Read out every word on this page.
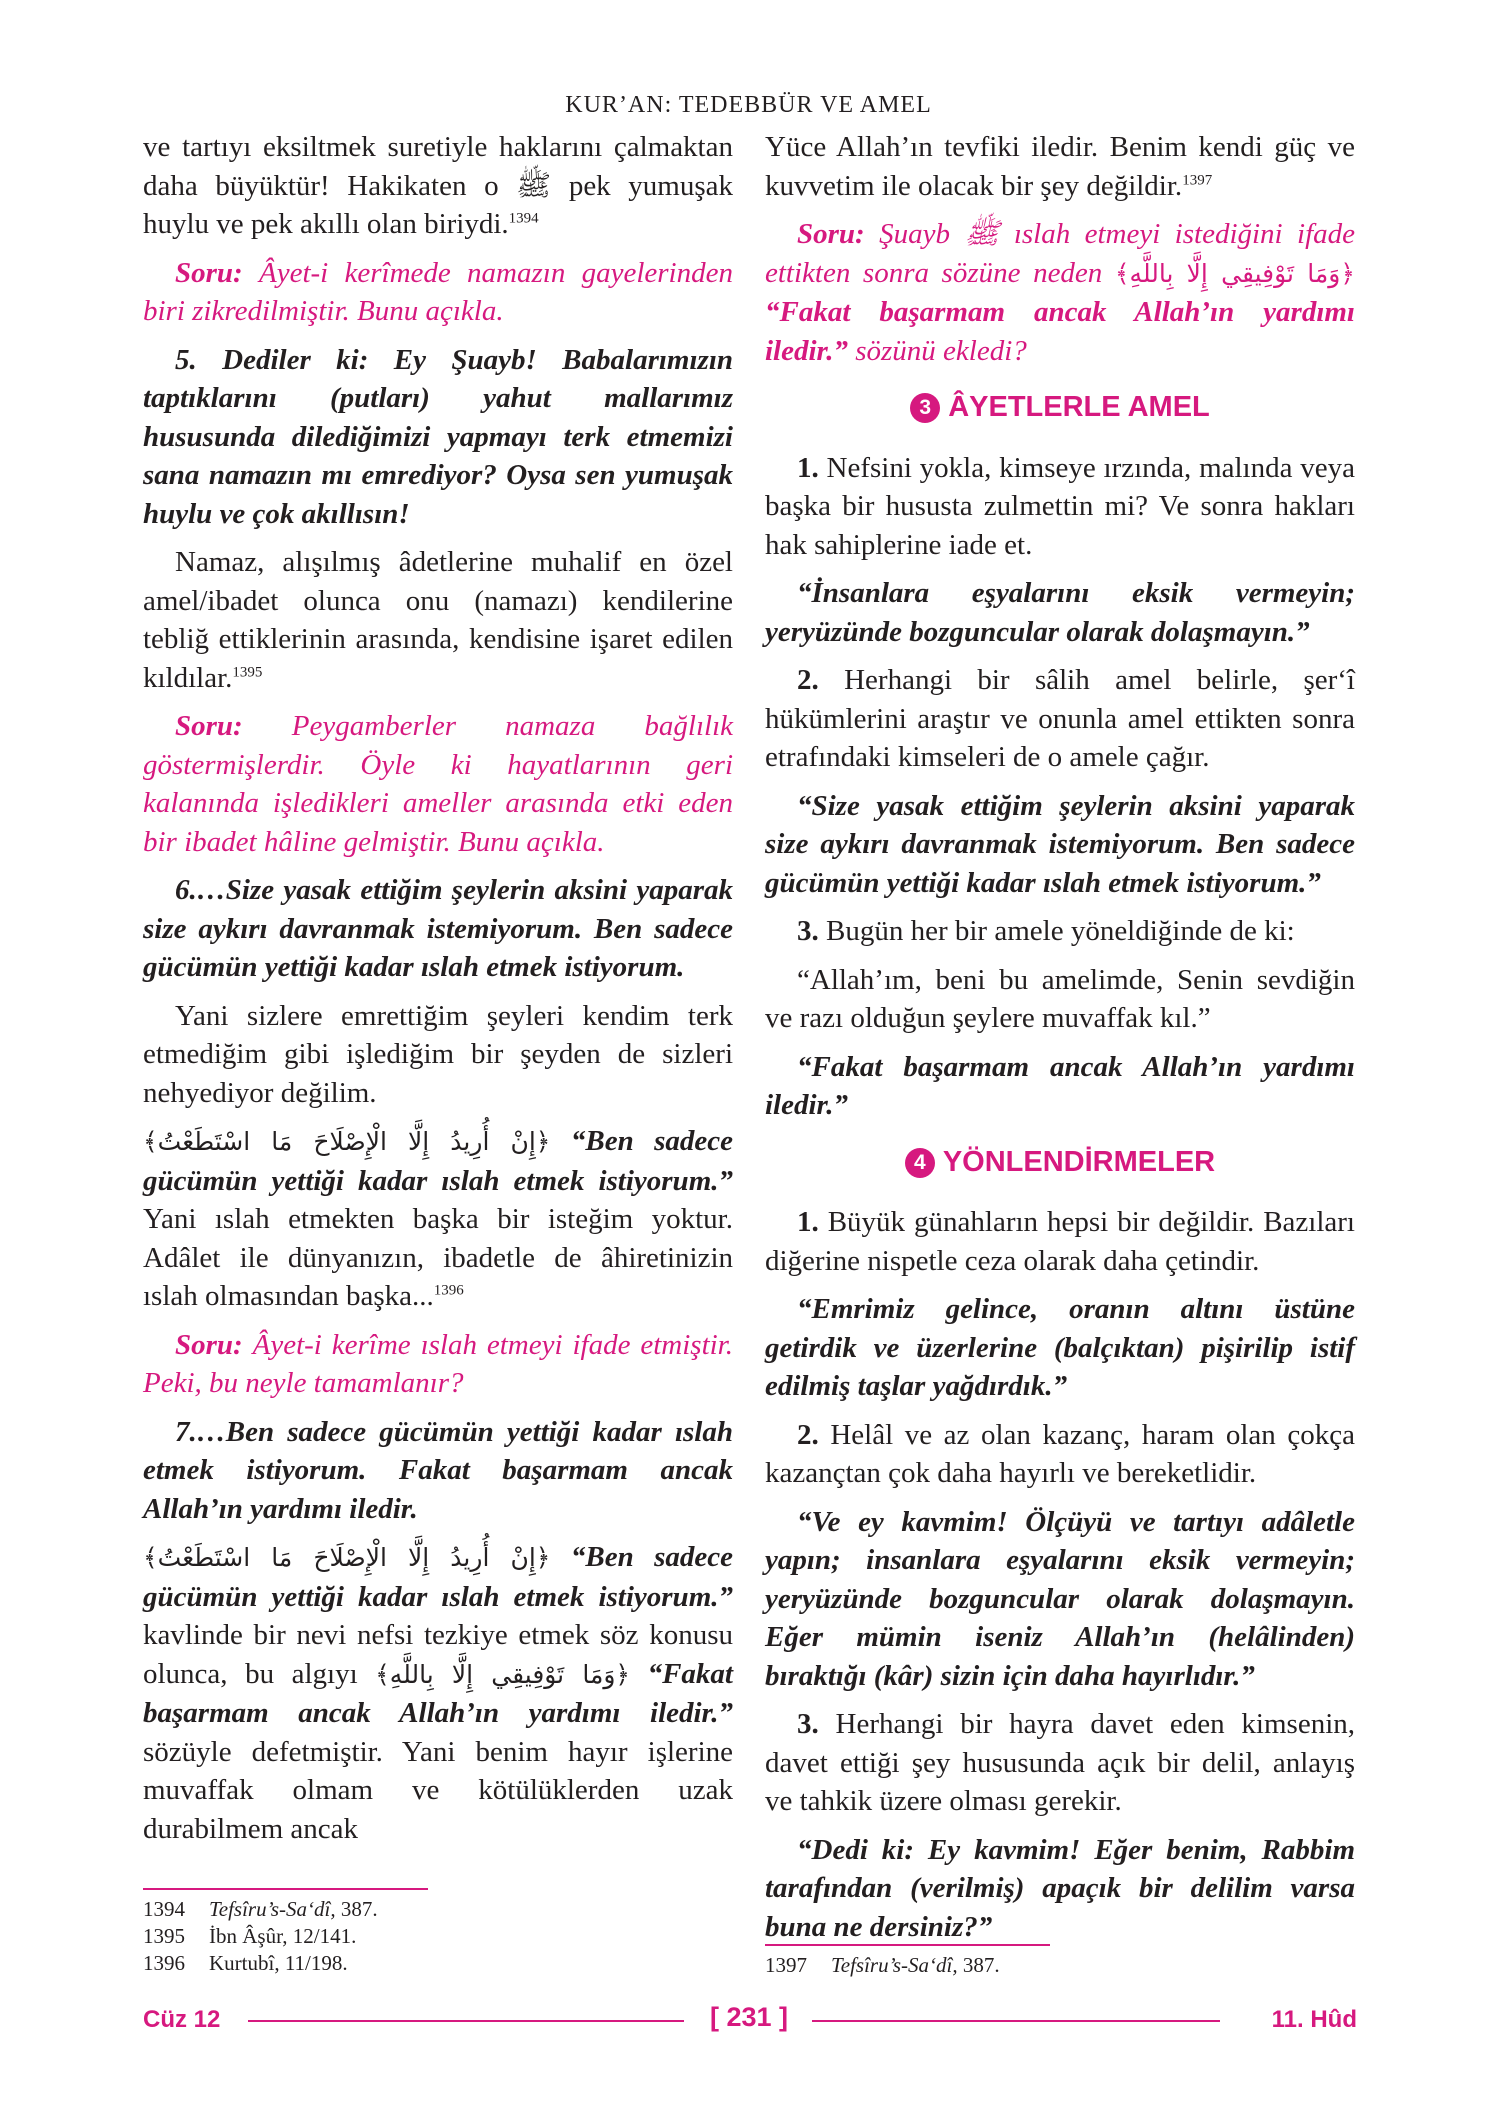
KUR’AN: TEDEBBÜR VE AMEL

ve tartıyı eksiltmek suretiyle haklarını çalmaktan daha büyüktür! Hakikaten o ﷺ pek yumuşak huylu ve pek akıllı olan biriydi.$^{1394}$

Soru: Âyet-i kerîmede namazın gayelerinden biri zikredilmiştir. Bunu açıkla.

5. Dediler ki: Ey Şuayb! Babalarımızın taptıklarını (putları) yahut mallarımız hususunda dilediğimizi yapmayı terk etmemizi sana namazın mı emrediyor? Oysa sen yumuşak huylu ve çok akıllısın!

Namaz, alışılmış âdetlerine muhalif en özel amel/ibadet olunca onu (namazı) kendilerine tebliğ ettiklerinin arasında, kendisine işaret edilen kıldılar.$^{1395}$

Soru: Peygamberler namaza bağlılık göstermişlerdir. Öyle ki hayatlarının geri kalanında işledikleri ameller arasında etki eden bir ibadet hâline gelmiştir. Bunu açıkla.

6.…Size yasak ettiğim şeylerin aksini yaparak size aykırı davranmak istemiyorum. Ben sadece gücümün yettiği kadar ıslah etmek istiyorum.

Yani sizlere emrettiğim şeyleri kendim terk etmediğim gibi işlediğim bir şeyden de sizleri nehyediyor değilim.

﴿إِنْ أُرِيدُ إِلَّا الْإِصْلَاحَ مَا اسْتَطَعْتُ﴾ “Ben sadece gücümün yettiği kadar ıslah etmek istiyorum.” Yani ıslah etmekten başka bir isteğim yoktur. Adâlet ile dünyanızın, ibadetle de âhiretinizin ıslah olmasından başka...$^{1396}$

Soru: Âyet-i kerîme ıslah etmeyi ifade etmiştir. Peki, bu neyle tamamlanır?

7.…Ben sadece gücümün yettiği kadar ıslah etmek istiyorum. Fakat başarmam ancak Allah’ın yardımı iledir.

﴿إِنْ أُرِيدُ إِلَّا الْإِصْلَاحَ مَا اسْتَطَعْتُ﴾ “Ben sadece gücümün yettiği kadar ıslah etmek istiyorum.” kavlinde bir nevi nefsi tezkiye etmek söz konusu olunca, bu algıyı ﴿وَمَا تَوْفِيقِي إِلَّا بِاللَّهِ﴾ “Fakat başarmam ancak Allah’ın yardımı iledir.” sözüyle defetmiştir. Yani benim hayır işlerine muvaffak olmam ve kötülüklerden uzak durabilmem ancak

Yüce Allah’ın tevfiki iledir. Benim kendi güç ve kuvvetim ile olacak bir şey değildir.$^{1397}$

Soru: Şuayb ﷺ ıslah etmeyi istediğini ifade ettikten sonra sözüne neden ﴿وَمَا تَوْفِيقِي إِلَّا بِاللَّهِ﴾ “Fakat başarmam ancak Allah’ın yardımı iledir.” sözünü ekledi?

3 ÂYETLERLE AMEL

1. Nefsini yokla, kimseye ırzında, malında veya başka bir hususta zulmettin mi? Ve sonra hakları hak sahiplerine iade et.

“İnsanlara eşyalarını eksik vermeyin; yeryüzünde bozguncular olarak dolaşmayın.”

2. Herhangi bir sâlih amel belirle, şer‘î hükümlerini araştır ve onunla amel ettikten sonra etrafındaki kimseleri de o amele çağır.

“Size yasak ettiğim şeylerin aksini yaparak size aykırı davranmak istemiyorum. Ben sadece gücümün yettiği kadar ıslah etmek istiyorum.”

3. Bugün her bir amele yöneldiğinde de ki:

“Allah’ım, beni bu amelimde, Senin sevdiğin ve razı olduğun şeylere muvaffak kıl.”

“Fakat başarmam ancak Allah’ın yardımı iledir.”

4 YÖNLENDİRMELER

1. Büyük günahların hepsi bir değildir. Bazıları diğerine nispetle ceza olarak daha çetindir.

“Emrimiz gelince, oranın altını üstüne getirdik ve üzerlerine (balçıktan) pişirilip istif edilmiş taşlar yağdırdık.”

2. Helâl ve az olan kazanç, haram olan çokça kazançtan çok daha hayırlı ve bereketlidir.

“Ve ey kavmim! Ölçüyü ve tartıyı adâletle yapın; insanlara eşyalarını eksik vermeyin; yeryüzünde bozguncular olarak dolaşmayın. Eğer mümin iseniz Allah’ın (helâlinden) bıraktığı (kâr) sizin için daha hayırlıdır.”

3. Herhangi bir hayra davet eden kimsenin, davet ettiği şey hususunda açık bir delil, anlayış ve tahkik üzere olması gerekir.

“Dedi ki: Ey kavmim! Eğer benim, Rabbim tarafından (verilmiş) apaçık bir delilim varsa buna ne dersiniz?”

1394 Tefsîru’s-Sa‘dî, 387.
1395 İbn Âşûr, 12/141.
1396 Kurtubî, 11/198.	1397 Tefsîru’s-Sa‘dî, 387.
Cüz 12	[ 231 ]	11. Hûd
